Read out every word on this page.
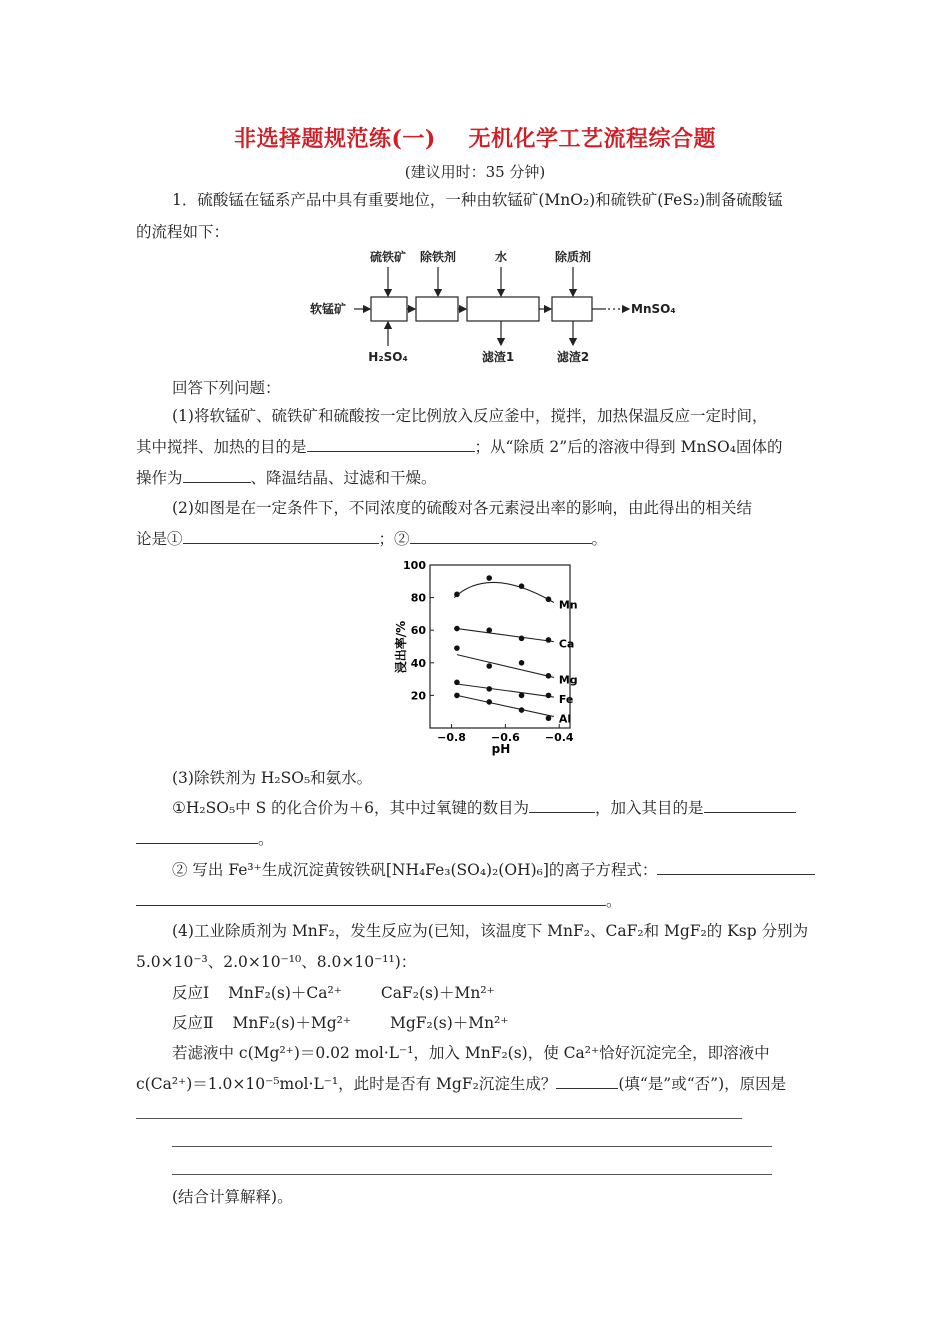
非选择题规范练(一)    无机化学工艺流程综合题
(建议用时：35 分钟)
1．硫酸锰在锰系产品中具有重要地位，一种由软锰矿(MnO₂)和硫铁矿(FeS₂)制备硫酸锰
的流程如下：
硫铁矿 除铁剂	水	除质剂
软锰矿	MnSO₄
H₂SO₄	滤渣1	滤渣2
回答下列问题：
(1)将软锰矿、硫铁矿和硫酸按一定比例放入反应釜中，搅拌，加热保温反应一定时间，
其中搅拌、加热的目的是	；从“除质 2”后的溶液中得到 MnSO₄固体的
操作为	、降温结晶、过滤和干燥。
(2)如图是在一定条件下，不同浓度的硫酸对各元素浸出率的影响，由此得出的相关结
论是①	；②	。
20
40
60
80
100
−0.8 −0.6 −0.4
Mn
Ca
Mg
Fe
Al
浸出率/%
pH
(3)除铁剂为 H₂SO₅和氨水。
①H₂SO₅中 S 的化合价为＋6，其中过氧键的数目为	，加入其目的是
。
② 写出 Fe³⁺生成沉淀黄铵铁矾[NH₄Fe₃(SO₄)₂(OH)₆]的离子方程式：
。
(4)工业除质剂为 MnF₂，发生反应为(已知，该温度下 MnF₂、CaF₂和 MgF₂的 Ksp 分别为
5.0×10⁻³、2.0×10⁻¹⁰、8.0×10⁻¹¹)：
反应Ⅰ MnF₂(s)＋Ca²⁺	CaF₂(s)＋Mn²⁺
反应Ⅱ MnF₂(s)＋Mg²⁺	MgF₂(s)＋Mn²⁺
若滤液中 c(Mg²⁺)＝0.02 mol·L⁻¹，加入 MnF₂(s)，使 Ca²⁺恰好沉淀完全，即溶液中
c(Ca²⁺)＝1.0×10⁻⁵mol·L⁻¹，此时是否有 MgF₂沉淀生成？	(填“是”或“否”)，原因是
(结合计算解释)。
